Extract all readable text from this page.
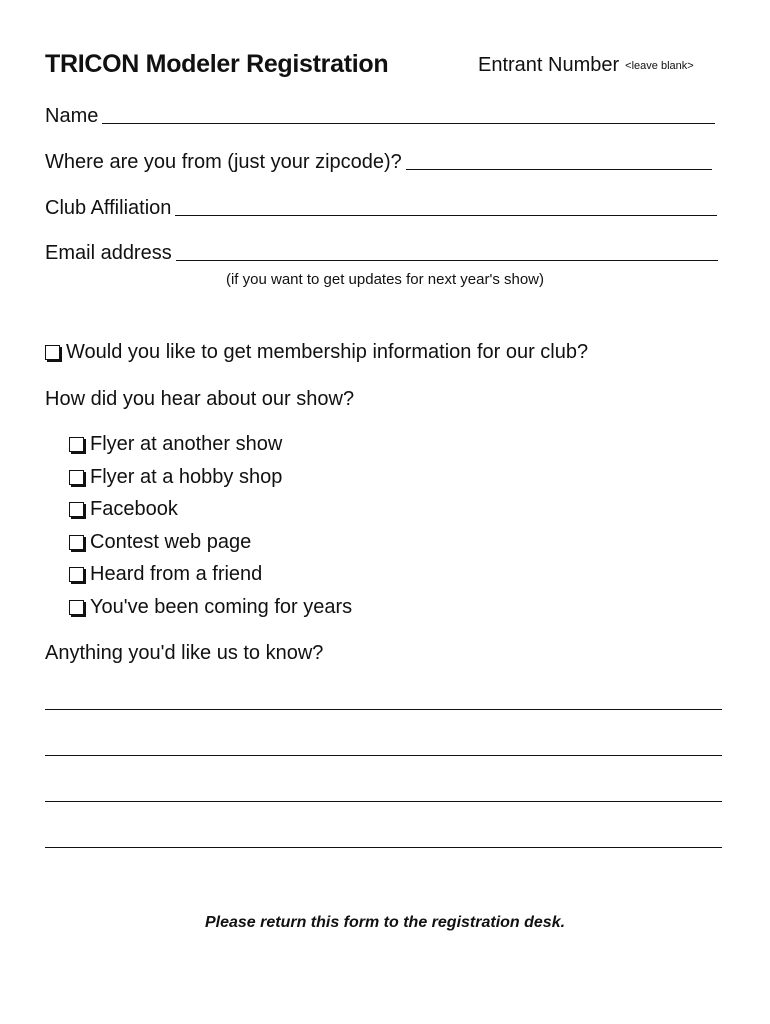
TRICON Modeler Registration	Entrant Number <leave blank>
Name
Where are you from (just your zipcode)?
Club Affiliation
Email address
(if you want to get updates for next year's show)
Would you like to get membership information for our club?
How did you hear about our show?
Flyer at another show
Flyer at a hobby shop
Facebook
Contest web page
Heard from a friend
You've been coming for years
Anything you'd like us to know?
Please return this form to the registration desk.
